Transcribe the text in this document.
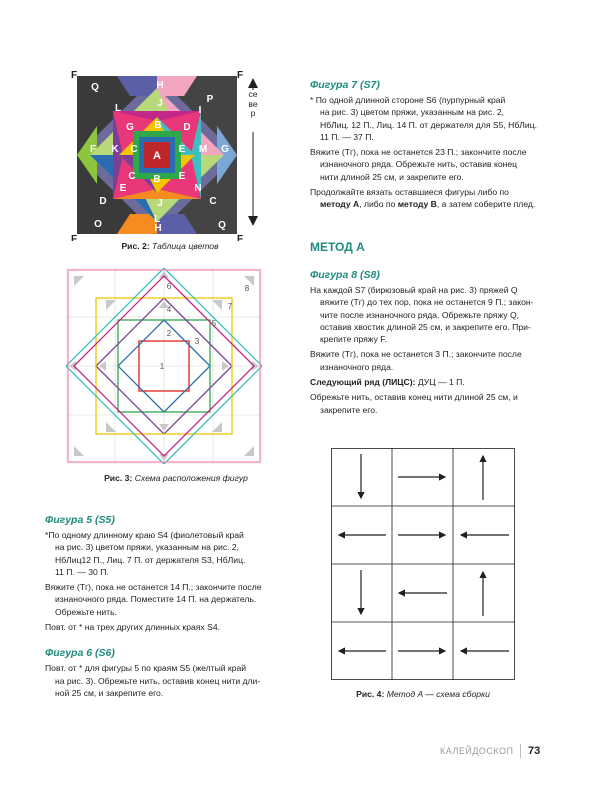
F	F
F	F
Q	H
P
L	J
I
G B D
F K C
A
E M G
C B E
E
J
N
D
L
C
O	H	Q
север
Рис. 2: Таблица цветов
1
2
3
4
5
6
7
8
Рис. 3: Схема расположения фигур
Фигура 5 (S5)

*По одному длинному краю S4 (фиолетовый край

на рис. 3) цветом пряжи, указанным на рис. 2,

НбЛиц12 П., Лиц. 7 П. от держателя S3, НбЛиц.

11 П. — 30 П.

Вяжите (Тг), пока не останется 14 П.; закончите после

изнаночного ряда. Поместите 14 П. на держатель.

Обрежьте нить.

Повт. от * на трех других длинных краях S4.

Фигура 6 (S6)

Повт. от * для фигуры 5 по краям S5 (желтый край

на рис. 3). Обрежьте нить, оставив конец нити дли-

ной 25 см, и закрепите его.

Фигура 7 (S7)

* По одной длинной стороне S6 (пурпурный край

на рис. 3) цветом пряжи, указанным на рис. 2,

НбЛиц. 12 П., Лиц. 14 П. от держателя для S5, НбЛиц.

11 П. — 37 П.

Вяжите (Тг), пока не останется 23 П.; закончите после

изнаночного ряда. Обрежьте нить, оставив конец

нити длиной 25 см, и закрепите его.

Продолжайте вязать оставшиеся фигуры либо по

методу А, либо по методу В, а затем соберите плед.

МЕТОД А
Фигура 8 (S8)

На каждой S7 (бирюзовый край на рис. 3) пряжей Q

вяжите (Тг) до тех пор, пока не останется 9 П.; закон-

чите после изнаночного ряда. Обрежьте пряжу Q,

оставив хвостик длиной 25 см, и закрепите его. При-

крепите пряжу F.

Вяжите (Тг), пока не останется 3 П.; закончите после

изнаночного ряда.

Следующий ряд (ЛИЦС): ДУЦ — 1 П.

Обрежьте нить, оставив конец нити длиной 25 см, и

закрепите его.

Рис. 4: Метод A — схема сборки
КАЛЕЙДОСКОП 73
